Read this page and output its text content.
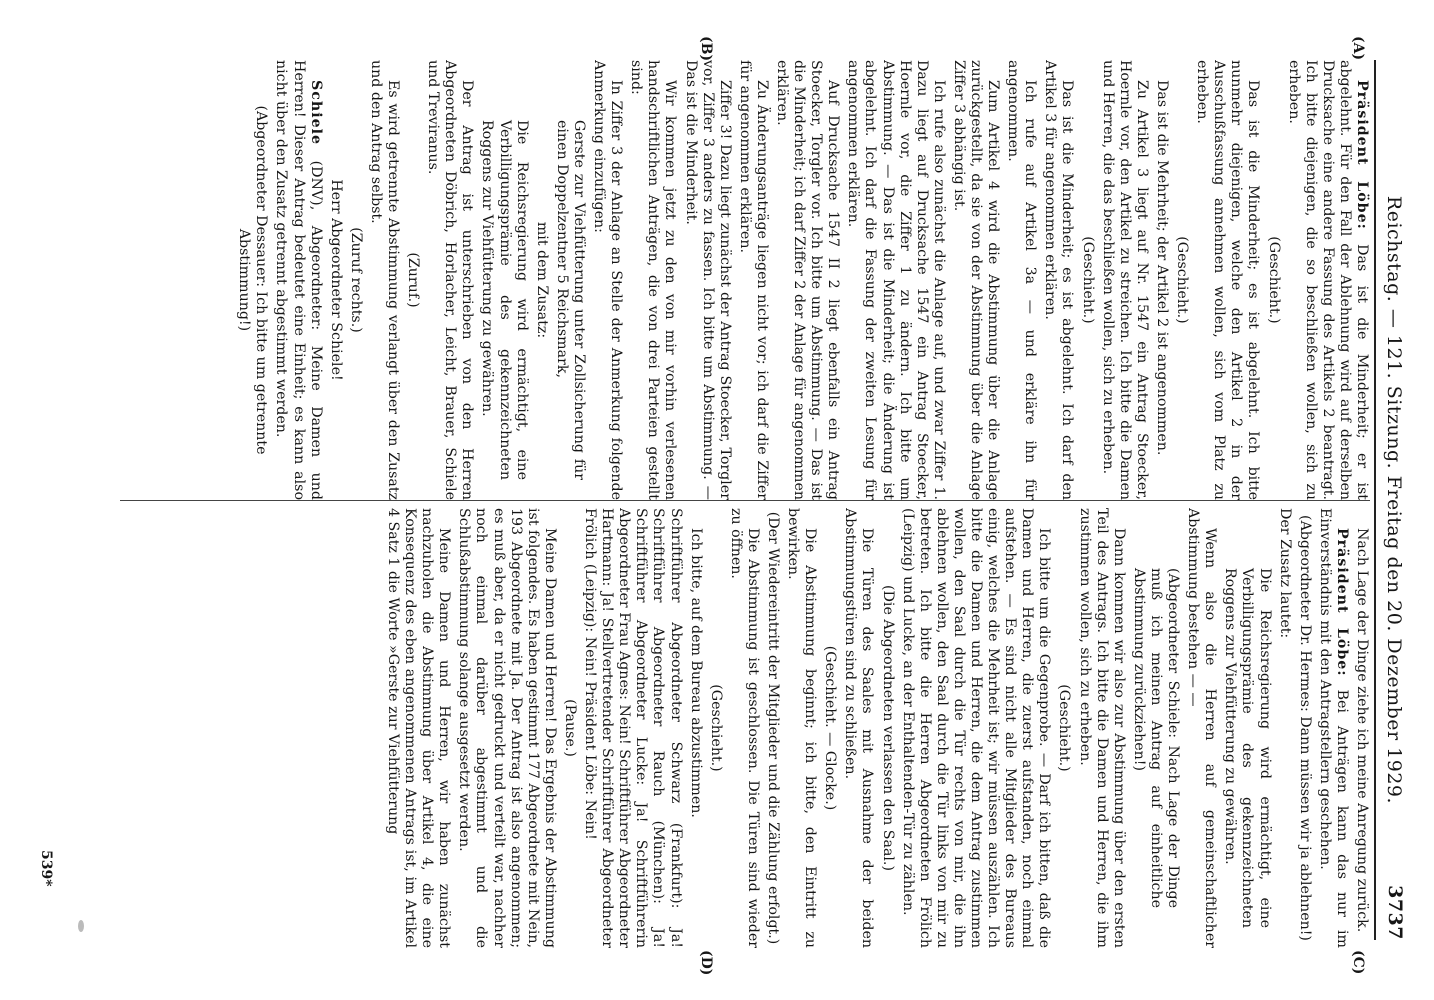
Reichstag. — 121. Sitzung. Freitag den 20. Dezember 1929.
3737
(A)
(B)
(C)
(D)

Präsident Löbe: Das ist die Minderheit; er ist abgelehnt. Für den Fall der Ablehnung wird auf derselben Drucksache eine andere Fassung des Artikels 2 beantragt. Ich bitte diejenigen, die so beschließen wollen, sich zu erheben.

(Geschieht.)

Das ist die Minderheit; es ist abgelehnt. Ich bitte nunmehr diejenigen, welche den Artikel 2 in der Ausschußfassung annehmen wollen, sich vom Platz zu erheben.

(Geschieht.)

Das ist die Mehrheit; der Artikel 2 ist angenommen.

Zu Artikel 3 liegt auf Nr. 1547 ein Antrag Stoecker, Hoernle vor, den Artikel zu streichen. Ich bitte die Damen und Herren, die das beschließen wollen, sich zu erheben.

(Geschieht.)

Das ist die Minderheit; es ist abgelehnt. Ich darf den Artikel 3 für angenommen erklären.

Ich rufe auf Artikel 3a — und erkläre ihn für angenommen.

Zum Artikel 4 wird die Abstimmung über die Anlage zurückgestellt, da sie von der Abstimmung über die Anlage Ziffer 3 abhängig ist.

Ich rufe also zunächst die Anlage auf, und zwar Ziffer 1. Dazu liegt auf Drucksache 1547 ein Antrag Stoecker, Hoernle vor, die Ziffer 1 zu ändern. Ich bitte um Abstimmung. — Das ist die Minderheit; die Änderung ist abgelehnt. Ich darf die Fassung der zweiten Lesung für angenommen erklären.

Auf Drucksache 1547 II 2 liegt ebenfalls ein Antrag Stoecker, Torgler vor. Ich bitte um Abstimmung. — Das ist die Minderheit; ich darf Ziffer 2 der Anlage für angenommen erklären.

Zu Änderungsanträge liegen nicht vor; ich darf die Ziffer für angenommen erklären.

Ziffer 3! Dazu liegt zunächst der Antrag Stoecker, Torgler vor, Ziffer 3 anders zu fassen. Ich bitte um Abstimmung. — Das ist die Minderheit.

Wir kommen jetzt zu den von mir vorhin verlesenen handschriftlichen Anträgen, die von drei Parteien gestellt sind:

In Ziffer 3 der Anlage an Stelle der Anmerkung folgende Anmerkung einzufügen:

Gerste zur Viehfütterung unter Zollsicherung für einen Doppelzentner 5 Reichsmark,

mit dem Zusatz:

Die Reichsregierung wird ermächtigt, eine Verbilligungsprämie des gekennzeichneten Roggens zur Viehfütterung zu gewähren.

Der Antrag ist unterschrieben von den Herren Abgeordneten Döbrich, Horlacher, Leicht, Brauer, Schiele und Treviranus.

(Zuruf.)

Es wird getrennte Abstimmung verlangt über den Zusatz und den Antrag selbst.

(Zuruf rechts.)

Herr Abgeordneter Schiele!

Schiele (DNV), Abgeordneter: Meine Damen und Herren! Dieser Antrag bedeutet eine Einheit; es kann also nicht über den Zusatz getrennt abgestimmt werden.

(Abgeordneter Dessauer: Ich bitte um getrennte Abstimmung!)

Nach Lage der Dinge ziehe ich meine Anregung zurück.

Präsident Löbe: Bei Anträgen kann das nur im Einverständnis mit den Antragstellern geschehen.

(Abgeordneter Dr. Hermes: Dann müssen wir ja ablehnen!)

Der Zusatz lautet:

Die Reichsregierung wird ermächtigt, eine Verbilligungsprämie des gekennzeichneten Roggens zur Viehfütterung zu gewähren.

Wenn also die Herren auf gemeinschaftlicher Abstimmung bestehen — —

(Abgeordneter Schiele: Nach Lage der Dinge muß ich meinen Antrag auf einheitliche Abstimmung zurückziehen!)

Dann kommen wir also zur Abstimmung über den ersten Teil des Antrags. Ich bitte die Damen und Herren, die ihm zustimmen wollen, sich zu erheben.

(Geschieht.)

Ich bitte um die Gegenprobe. — Darf ich bitten, daß die Damen und Herren, die zuerst aufstanden, noch einmal aufstehen. — Es sind nicht alle Mitglieder des Bureaus einig, welches die Mehrheit ist; wir müssen auszählen. Ich bitte die Damen und Herren, die dem Antrag zustimmen wollen, den Saal durch die Tür rechts von mir, die ihn ablehnen wollen, den Saal durch die Tür links von mir zu betreten. Ich bitte die Herren Abgeordneten Frölich (Leipzig) und Lucke, an der Enthaltenden-Tür zu zählen.

(Die Abgeordneten verlassen den Saal.)

Die Türen des Saales mit Ausnahme der beiden Abstimmungstüren sind zu schließen.

(Geschieht. — Glocke.)

Die Abstimmung beginnt; ich bitte, den Eintritt zu bewirken.

(Der Wiedereintritt der Mitglieder und die Zählung erfolgt.)

Die Abstimmung ist geschlossen. Die Türen sind wieder zu öffnen.

(Geschieht.)

Ich bitte, auf dem Bureau abzustimmen.

Schriftführer Abgeordneter Schwarz (Frankfurt): Ja! Schriftführer Abgeordneter Rauch (München): Ja! Schriftführer Abgeordneter Lucke: Ja! Schriftführerin Abgeordneter Frau Agnes: Nein! Schriftführer Abgeordneter Hartmann: Ja! Stellvertretender Schriftführer Abgeordneter Frölich (Leipzig): Nein! Präsident Löbe: Nein!

(Pause.)

Meine Damen und Herren! Das Ergebnis der Abstimmung ist folgendes. Es haben gestimmt 177 Abgeordnete mit Nein, 193 Abgeordnete mit Ja. Der Antrag ist also angenommen; es muß aber, da er nicht gedruckt und verteilt war, nachher noch einmal darüber abgestimmt und die Schlußabstimmung solange ausgesetzt werden.

Meine Damen und Herren, wir haben zunächst nachzuholen die Abstimmung über Artikel 4, die eine Konsequenz des eben angenommenen Antrags ist, im Artikel 4 Satz 1 die Worte »Gerste zur Viehfütterung

539*
